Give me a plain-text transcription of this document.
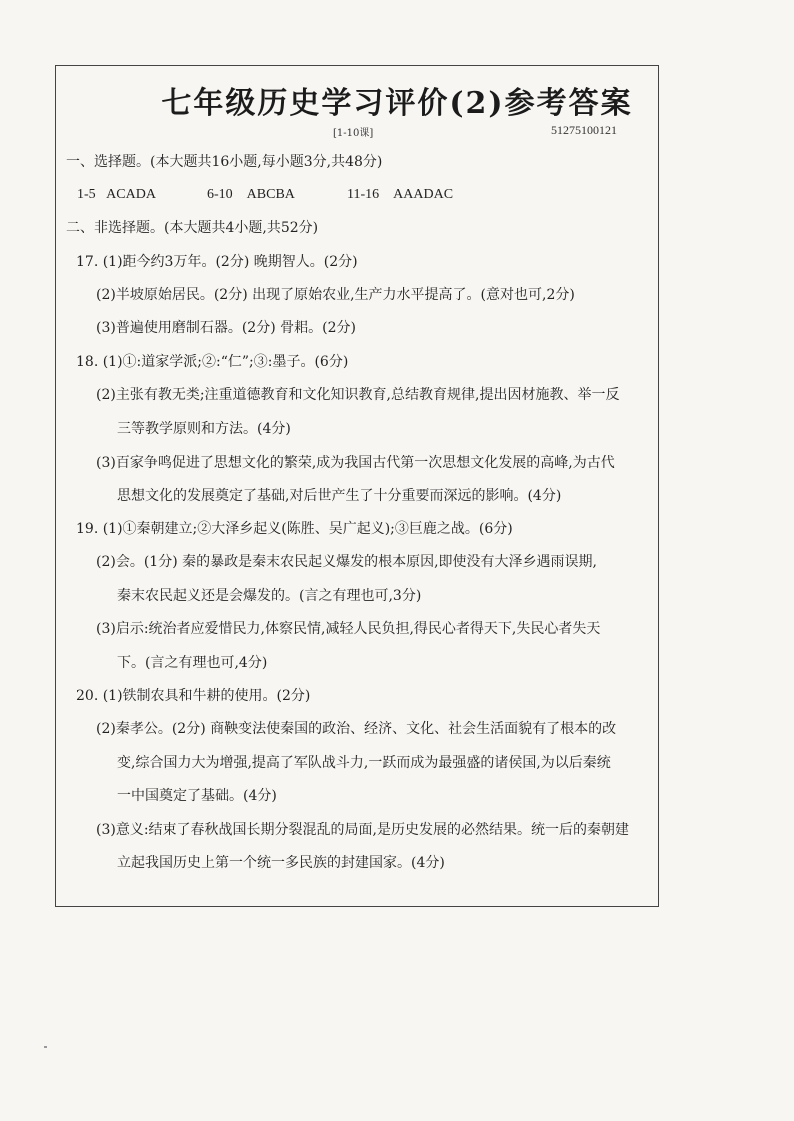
七年级历史学习评价(2)参考答案
[1-10课]	51275100121
一、选择题。(本大题共16小题,每小题3分,共48分)
1-5 ACADA	6-10 ABCBA	11-16 AAADAC
二、非选择题。(本大题共4小题,共52分)
17. (1)距今约3万年。(2分) 晚期智人。(2分)
(2)半坡原始居民。(2分) 出现了原始农业,生产力水平提高了。(意对也可,2分)
(3)普遍使用磨制石器。(2分) 骨耜。(2分)
18. (1)①:道家学派;②:“仁”;③:墨子。(6分)
(2)主张有教无类;注重道德教育和文化知识教育,总结教育规律,提出因材施教、举一反
三等教学原则和方法。(4分)
(3)百家争鸣促进了思想文化的繁荣,成为我国古代第一次思想文化发展的高峰,为古代
思想文化的发展奠定了基础,对后世产生了十分重要而深远的影响。(4分)
19. (1)①秦朝建立;②大泽乡起义(陈胜、吴广起义);③巨鹿之战。(6分)
(2)会。(1分) 秦的暴政是秦末农民起义爆发的根本原因,即使没有大泽乡遇雨误期,
秦末农民起义还是会爆发的。(言之有理也可,3分)
(3)启示:统治者应爱惜民力,体察民情,减轻人民负担,得民心者得天下,失民心者失天
下。(言之有理也可,4分)
20. (1)铁制农具和牛耕的使用。(2分)
(2)秦孝公。(2分) 商鞅变法使秦国的政治、经济、文化、社会生活面貌有了根本的改
变,综合国力大为增强,提高了军队战斗力,一跃而成为最强盛的诸侯国,为以后秦统
一中国奠定了基础。(4分)
(3)意义:结束了春秋战国长期分裂混乱的局面,是历史发展的必然结果。统一后的秦朝建
立起我国历史上第一个统一多民族的封建国家。(4分)
